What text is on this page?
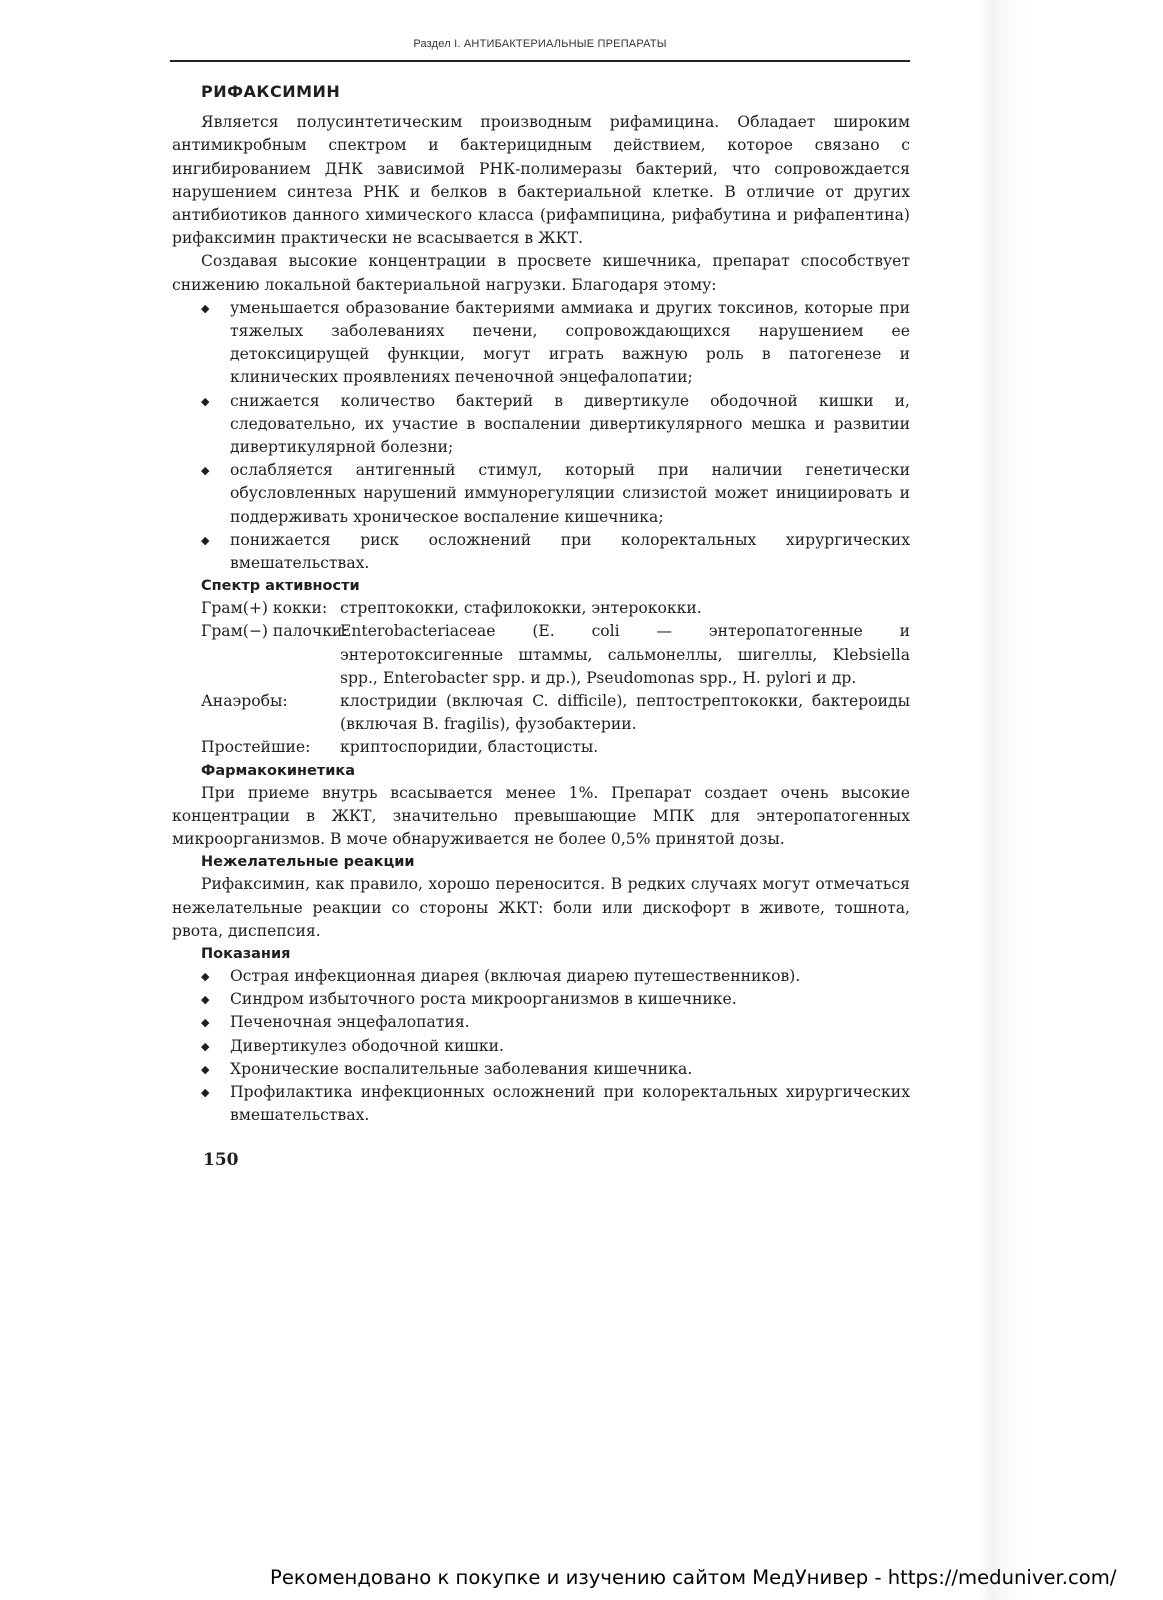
Раздел I. АНТИБАКТЕРИАЛЬНЫЕ ПРЕПАРАТЫ
РИФАКСИМИН

Является полусинтетическим производным рифамицина. Обладает широким антимикробным спектром и бактерицидным действием, которое связано с ингибированием ДНК зависимой РНК-полимеразы бактерий, что сопровождается нарушением синтеза РНК и белков в бактериальной клетке. В отличие от других антибиотиков данного химического класса (рифампицина, рифабутина и рифапентина) рифаксимин практически не всасывается в ЖКТ.

Создавая высокие концентрации в просвете кишечника, препарат способствует снижению локальной бактериальной нагрузки. Благодаря этому:

◆ уменьшается образование бактериями аммиака и других токсинов, которые при тяжелых заболеваниях печени, сопровождающихся нарушением ее детоксицирущей функции, могут играть важную роль в патогенезе и клинических проявлениях печеночной энцефалопатии;
◆ снижается количество бактерий в дивертикуле ободочной кишки и, следовательно, их участие в воспалении дивертикулярного мешка и развитии дивертикулярной болезни;
◆ ослабляется антигенный стимул, который при наличии генетически обусловленных нарушений иммунорегуляции слизистой может инициировать и поддерживать хроническое воспаление кишечника;
◆ понижается риск осложнений при колоректальных хирургических вмешательствах.
Спектр активности
Грам(+) кокки: стрептококки, стафилококки, энтерококки.
Грам(−) палочки:
Enterobacteriaceae (E. coli — энтеропатогенные и энтеротоксигенные штаммы, сальмонеллы, шигеллы, Klebsiella spp., Enterobacter spp. и др.), Pseudomonas spp., H. pylori и др.
Анаэробы:	клостридии (включая C. difficile), пептострептококки, бактероиды (включая B. fragilis), фузобактерии.
Простейшие:	криптоспоридии, бластоцисты.
Фармакокинетика

При приеме внутрь всасывается менее 1%. Препарат создает очень высокие концентрации в ЖКТ, значительно превышающие МПК для энтеропатогенных микроорганизмов. В моче обнаруживается не более 0,5% принятой дозы.

Нежелательные реакции

Рифаксимин, как правило, хорошо переносится. В редких случаях могут отмечаться нежелательные реакции со стороны ЖКТ: боли или дискофорт в животе, тошнота, рвота, диспепсия.

Показания
◆ Острая инфекционная диарея (включая диарею путешественников).
◆ Синдром избыточного роста микроорганизмов в кишечнике.
◆ Печеночная энцефалопатия.
◆ Дивертикулез ободочной кишки.
◆ Хронические воспалительные заболевания кишечника.
◆ Профилактика инфекционных осложнений при колоректальных хирургических вмешательствах.
150
Рекомендовано к покупке и изучению сайтом МедУнивер - https://meduniver.com/
